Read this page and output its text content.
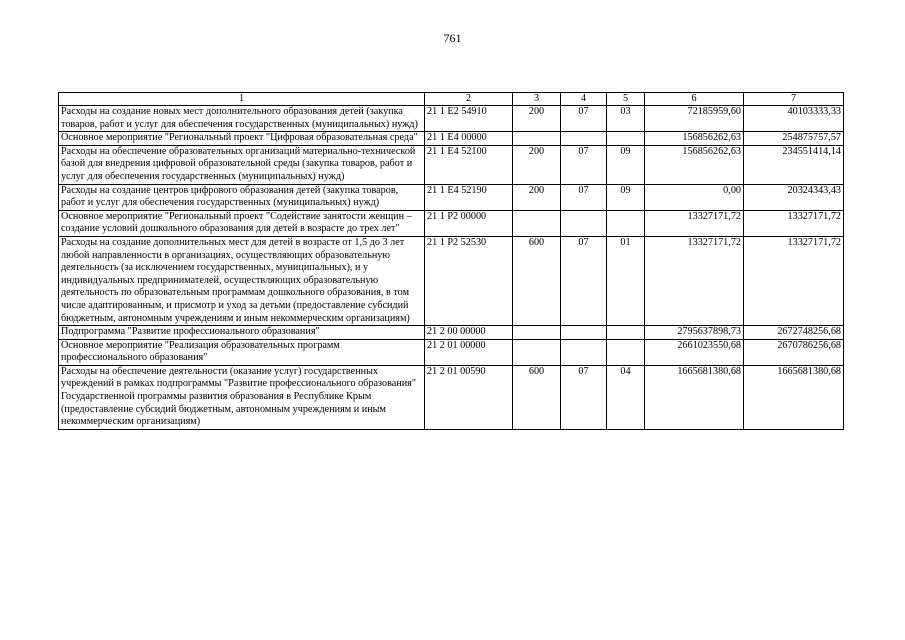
761
1	2	3	4	5	6	7
Расходы на создание новых мест дополнительного образования детей (закупка товаров, работ и услуг для обеспечения государственных (муниципальных) нужд)	21 1 E2 54910	200	07	03	72185959,60	40103333,33
Основное мероприятие "Региональный проект "Цифровая образовательная среда"	21 1 E4 00000				156856262,63	254875757,57
Расходы на обеспечение образовательных организаций материально-технической базой для внедрения цифровой образовательной среды (закупка товаров, работ и услуг для обеспечения государственных (муниципальных) нужд)	21 1 E4 52100	200	07	09	156856262,63	234551414,14
Расходы на создание центров цифрового образования детей (закупка товаров, работ и услуг для обеспечения государственных (муниципальных) нужд)	21 1 E4 52190	200	07	09	0,00	20324343,43
Основное мероприятие "Региональный проект "Содействие занятости женщин – создание условий дошкольного образования для детей в возрасте до трех лет"	21 1 P2 00000				13327171,72	13327171,72
Расходы на создание дополнительных мест для детей в возрасте от 1,5 до 3 лет любой направленности в организациях, осуществляющих образовательную деятельность (за исключением государственных, муниципальных), и у индивидуальных предпринимателей, осуществляющих образовательную деятельность по образовательным программам дошкольного образования, в том числе адаптированным, и присмотр и уход за детьми (предоставление субсидий бюджетным, автономным учреждениям и иным некоммерческим организациям)	21 1 P2 52530	600	07	01	13327171,72	13327171,72
Подпрограмма "Развитие профессионального образования"	21 2 00 00000				2795637898,73	2672748256,68
Основное мероприятие "Реализация образовательных программ профессионального образования"	21 2 01 00000				2661023550,68	2670786256,68
Расходы на обеспечение деятельности (оказание услуг) государственных учреждений в рамках подпрограммы "Развитие профессионального образования" Государственной программы развития образования в Республике Крым (предоставление субсидий бюджетным, автономным учреждениям и иным некоммерческим организациям)	21 2 01 00590	600	07	04	1665681380,68	1665681380,68
